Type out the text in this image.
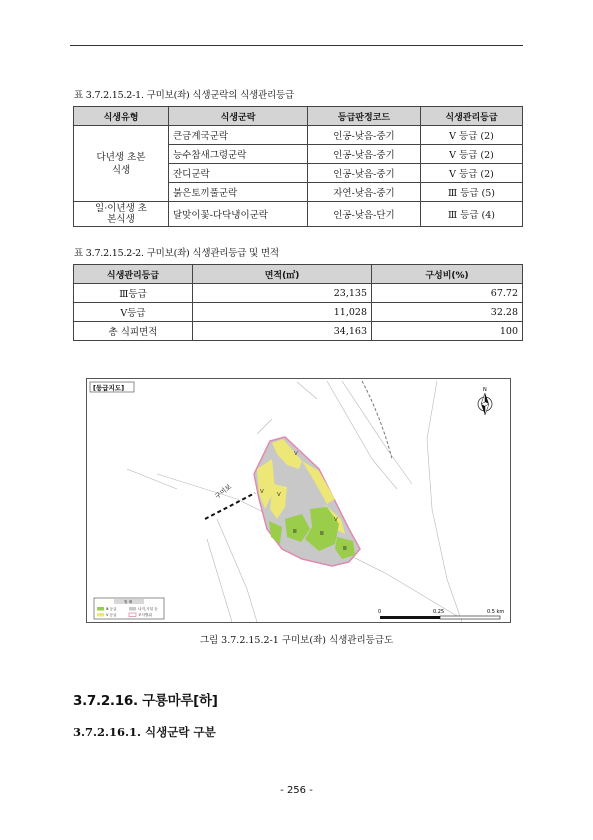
표 3.7.2.15.2-1. 구미보(좌) 식생군락의 식생관리등급
식생유형	식생군락	등급판정코드	식생관리등급
다년생 초본식생	큰금계국군락	인공-낮음-중기	V 등급 (2)
	능수참새그령군락	인공-낮음-중기	V 등급 (2)
	잔디군락	인공-낮음-중기	V 등급 (2)
	붉은토끼풀군락	자연-낮음-중기	Ⅲ 등급 (5)
일·이년생 초본식생	달맞이꽃-다닥냉이군락	인공-낮음-단기	Ⅲ 등급 (4)
표 3.7.2.15.2-2. 구미보(좌) 식생관리등급 및 면적
식생관리등급	면적(㎡)	구성비(%)
Ⅲ등급	23,135	67.72
V등급	11,028	32.28
총 식피면적	34,163	100
[등급지도]
V
V V
V
Ⅲ	Ⅲ
Ⅲ
구미보
N
0	0.25	0.5 km
범 례
Ⅲ 등급
V 등급
나지,시설 등
조사범위
그림 3.7.2.15.2-1 구미보(좌) 식생관리등급도
3.7.2.16. 구룡마루[하]
3.7.2.16.1. 식생군락 구분
- 256 -
